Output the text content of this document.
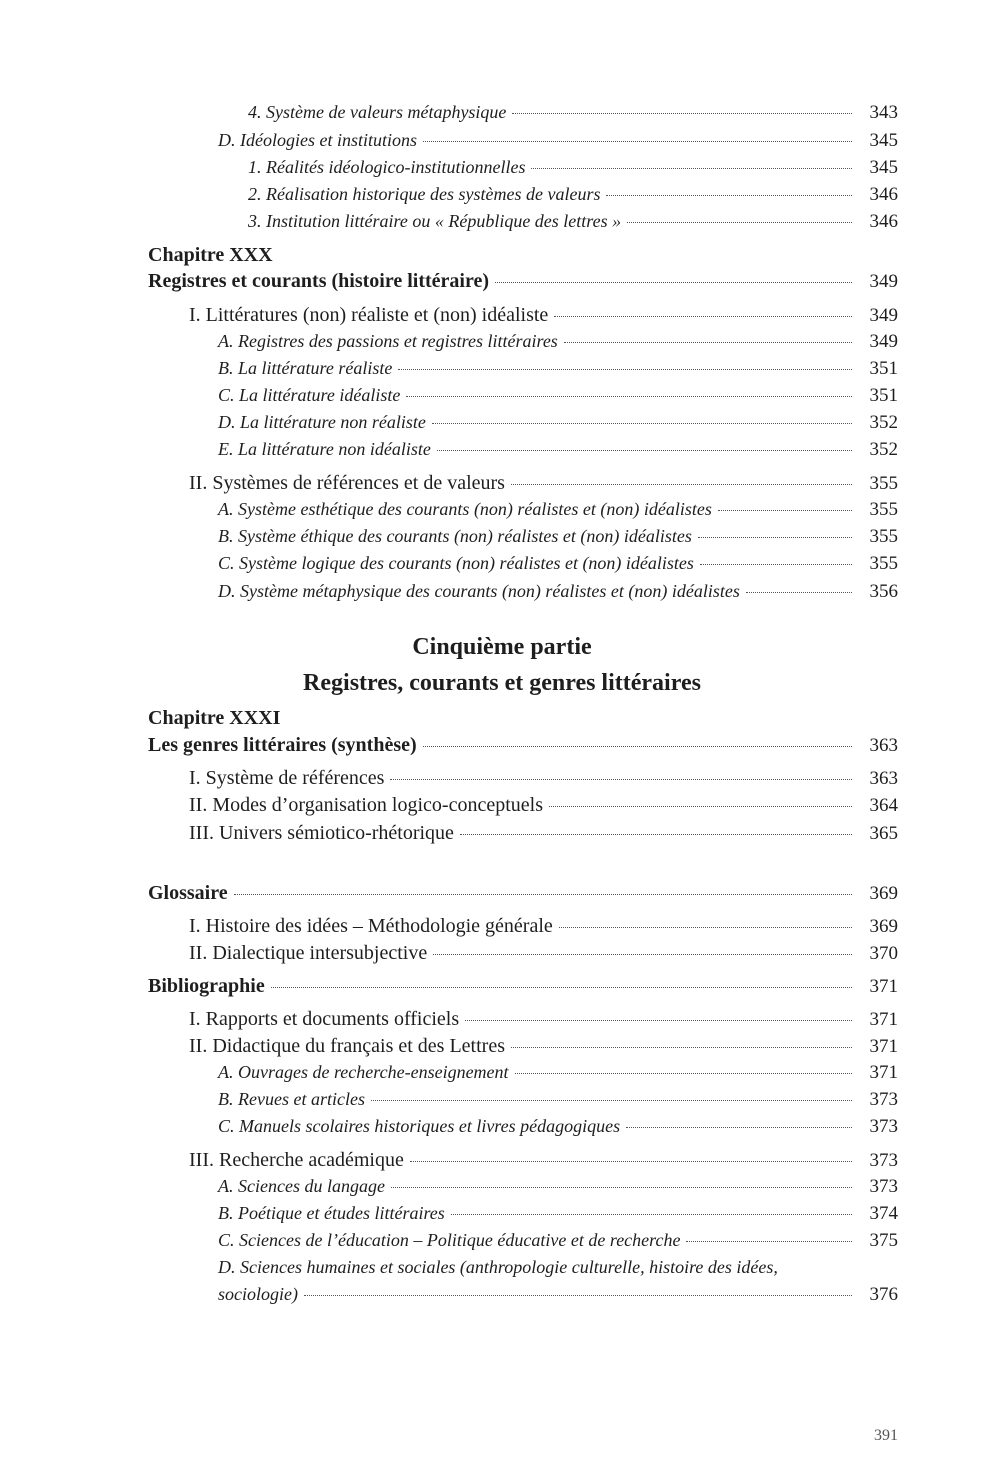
4. Système de valeurs métaphysique	343
D. Idéologies et institutions	345
1. Réalités idéologico-institutionnelles	345
2. Réalisation historique des systèmes de valeurs	346
3. Institution littéraire ou « République des lettres »	346
Chapitre XXX
Registres et courants (histoire littéraire)	349
I. Littératures (non) réaliste et (non) idéaliste	349
A. Registres des passions et registres littéraires	349
B. La littérature réaliste	351
C. La littérature idéaliste	351
D. La littérature non réaliste	352
E. La littérature non idéaliste	352
II. Systèmes de références et de valeurs	355
A. Système esthétique des courants (non) réalistes et (non) idéalistes	355
B. Système éthique des courants (non) réalistes et (non) idéalistes	355
C. Système logique des courants (non) réalistes et (non) idéalistes	355
D. Système métaphysique des courants (non) réalistes et (non) idéalistes	356
Cinquième partie
Registres, courants et genres littéraires
Chapitre XXXI
Les genres littéraires (synthèse)	363
I. Système de références	363
II. Modes d’organisation logico-conceptuels	364
III. Univers sémiotico-rhétorique	365
Glossaire	369
I. Histoire des idées – Méthodologie générale	369
II. Dialectique intersubjective	370
Bibliographie	371
I. Rapports et documents officiels	371
II. Didactique du français et des Lettres	371
A. Ouvrages de recherche-enseignement	371
B. Revues et articles	373
C. Manuels scolaires historiques et livres pédagogiques	373
III. Recherche académique	373
A. Sciences du langage	373
B. Poétique et études littéraires	374
C. Sciences de l’éducation – Politique éducative et de recherche	375
D. Sciences humaines et sociales (anthropologie culturelle, histoire des idées,
sociologie)	376
391
